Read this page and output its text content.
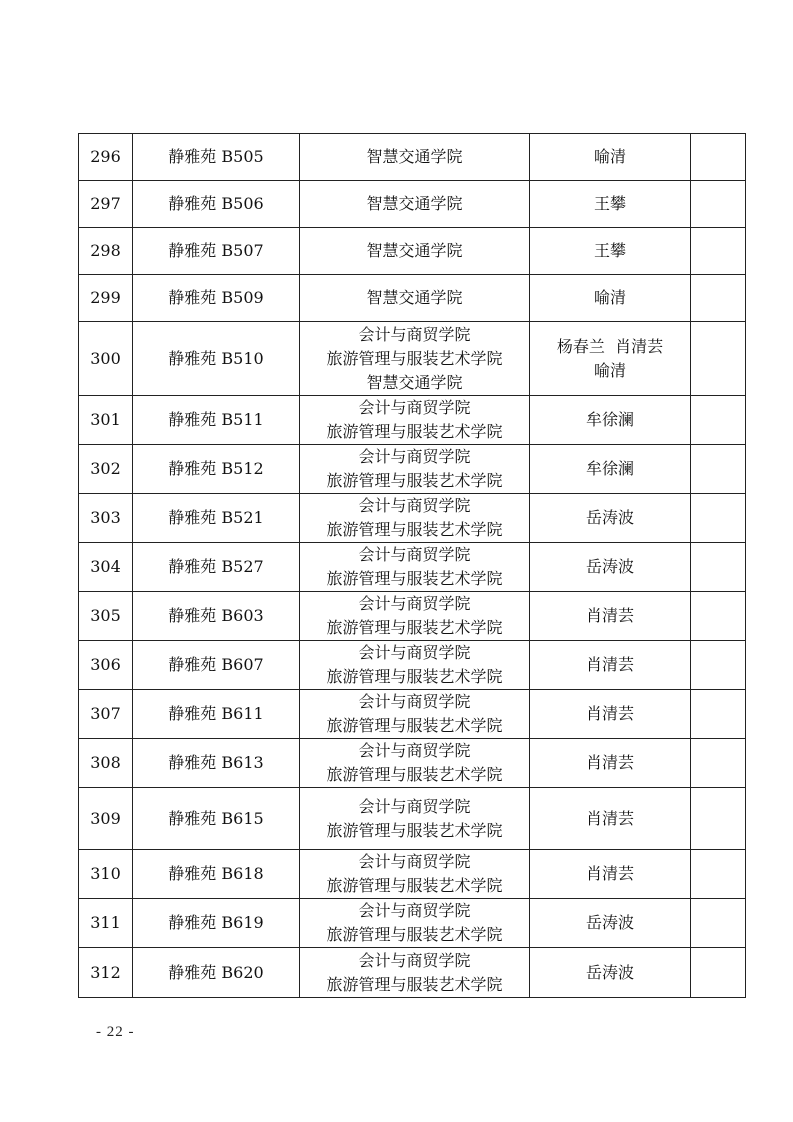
296	静雅苑 B505	智慧交通学院	喻清	

297	静雅苑 B506	智慧交通学院	王攀	

298	静雅苑 B507	智慧交通学院	王攀	

299	静雅苑 B509	智慧交通学院	喻清	

300	静雅苑 B510	会计与商贸学院
旅游管理与服装艺术学院
智慧交通学院	杨春兰  肖清芸
喻清	

301	静雅苑 B511	会计与商贸学院
旅游管理与服装艺术学院	牟徐澜	

302	静雅苑 B512	会计与商贸学院
旅游管理与服装艺术学院	牟徐澜	

303	静雅苑 B521	会计与商贸学院
旅游管理与服装艺术学院	岳涛波	

304	静雅苑 B527	会计与商贸学院
旅游管理与服装艺术学院	岳涛波	

305	静雅苑 B603	会计与商贸学院
旅游管理与服装艺术学院	肖清芸	

306	静雅苑 B607	会计与商贸学院
旅游管理与服装艺术学院	肖清芸	

307	静雅苑 B611	会计与商贸学院
旅游管理与服装艺术学院	肖清芸	

308	静雅苑 B613	会计与商贸学院
旅游管理与服装艺术学院	肖清芸	

309	静雅苑 B615	会计与商贸学院
旅游管理与服装艺术学院	肖清芸	

310	静雅苑 B618	会计与商贸学院
旅游管理与服装艺术学院	肖清芸	

311	静雅苑 B619	会计与商贸学院
旅游管理与服装艺术学院	岳涛波	

312	静雅苑 B620	会计与商贸学院
旅游管理与服装艺术学院	岳涛波	

- 22 -
